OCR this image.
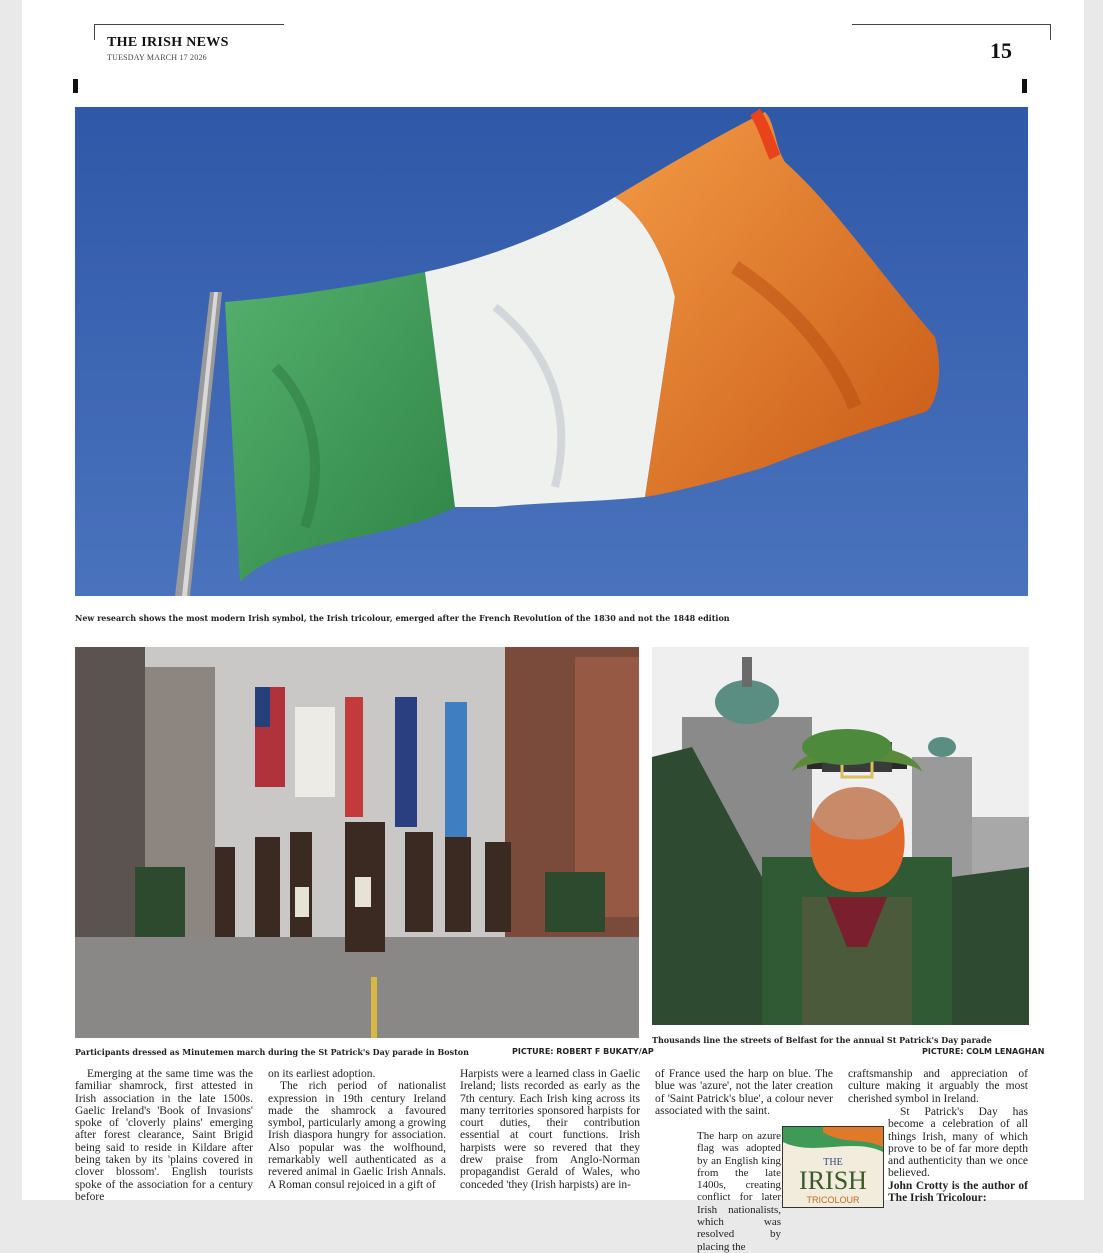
THE IRISH NEWS
TUESDAY MARCH 17 2026	15
New research shows the most modern Irish symbol, the Irish tricolour, emerged after the French Revolution of the 1830 and not the 1848 edition
Participants dressed as Minutemen march during the St Patrick's Day parade in Boston	PICTURE: ROBERT F BUKATY/AP
Thousands line the streets of Belfast for the annual St Patrick's Day parade
PICTURE: COLM LENAGHAN

Emerging at the same time was the familiar shamrock, first attested in Irish association in the late 1500s. Gaelic Ireland's 'Book of Invasions' spoke of 'cloverly plains' emerging after forest clearance, Saint Brigid being said to reside in Kildare after being taken by its 'plains covered in clover blossom'. English tourists spoke of the association for a century before

on its earliest adoption.

The rich period of nationalist expression in 19th century Ireland made the shamrock a favoured symbol, particularly among a growing Irish diaspora hungry for association. Also popular was the wolfhound, remarkably well authenticated as a revered animal in Gaelic Irish Annals. A Roman consul rejoiced in a gift of

Harpists were a learned class in Gaelic Ireland; lists recorded as early as the 7th century. Each Irish king across its many territories sponsored harpists for court duties, their contribution essential at court functions. Irish harpists were so revered that they drew praise from Anglo-Norman propagandist Gerald of Wales, who conceded 'they (Irish harpists) are in-

of France used the harp on blue. The blue was 'azure', not the later creation of 'Saint Patrick's blue', a colour never associated with the saint.

The harp on azure flag was adopted by an English king from the late 1400s, creating conflict for later Irish nationalists, which was resolved by placing the

craftsmanship and appreciation of culture making it arguably the most cherished symbol in Ireland.

St Patrick's Day has become a celebration of all things Irish, many of which prove to be of far more depth and authenticity than we once believed.

John Crotty is the author of The Irish Tricolour:

THE
IRISH
TRICOLOUR
